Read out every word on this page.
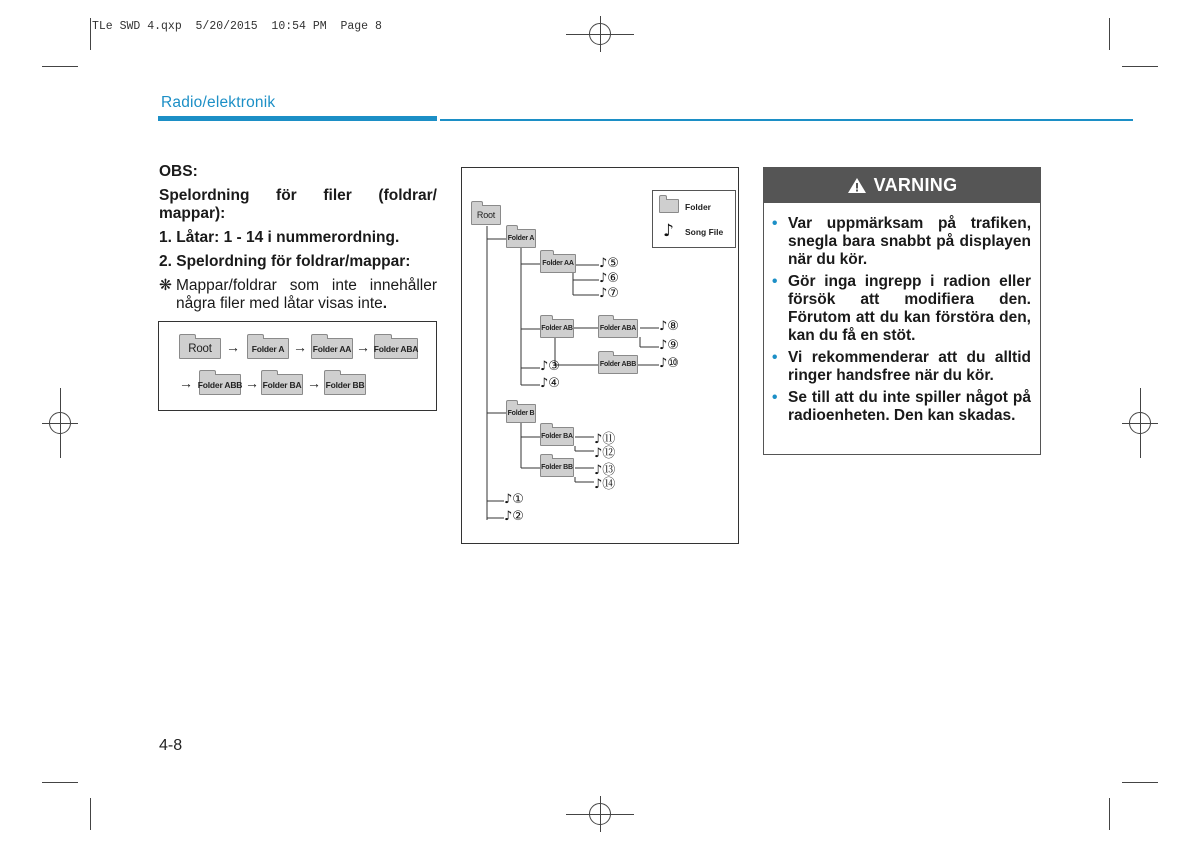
TLe SWD 4.qxp  5/20/2015  10:54 PM  Page 8
Radio/elektronik

OBS:

Spelordning för filer (foldrar/ mappar):

1. Låtar: 1 - 14 i nummerordning.

2. Spelordning för foldrar/mappar:

❋ Mappar/foldrar som inte innehåller några filer med låtar visas inte.

Root	→	Folder A → Folder AA → Folder ABA
→ Folder ABB → Folder BA → Folder BB
Root
Folder A
Folder AA
Folder AB	Folder ABA
Folder ABB
Folder B
Folder BA
Folder BB
♪⑤
♪⑥
♪⑦
♪⑧
♪⑨
♪⑩
♪③
♪④
♪⑪
♪⑫
♪⑬
♪⑭
♪①
♪②
Folder
♪ Song File
VARNING
• Var uppmärksam på trafiken, snegla bara snabbt på displayen när du kör.
• Gör inga ingrepp i radion eller försök att modifiera den. Förutom att du kan förstöra den, kan du få en stöt.
• Vi rekommenderar att du alltid ringer handsfree när du kör.
• Se till att du inte spiller något på radioenheten. Den kan skadas.
4-8
